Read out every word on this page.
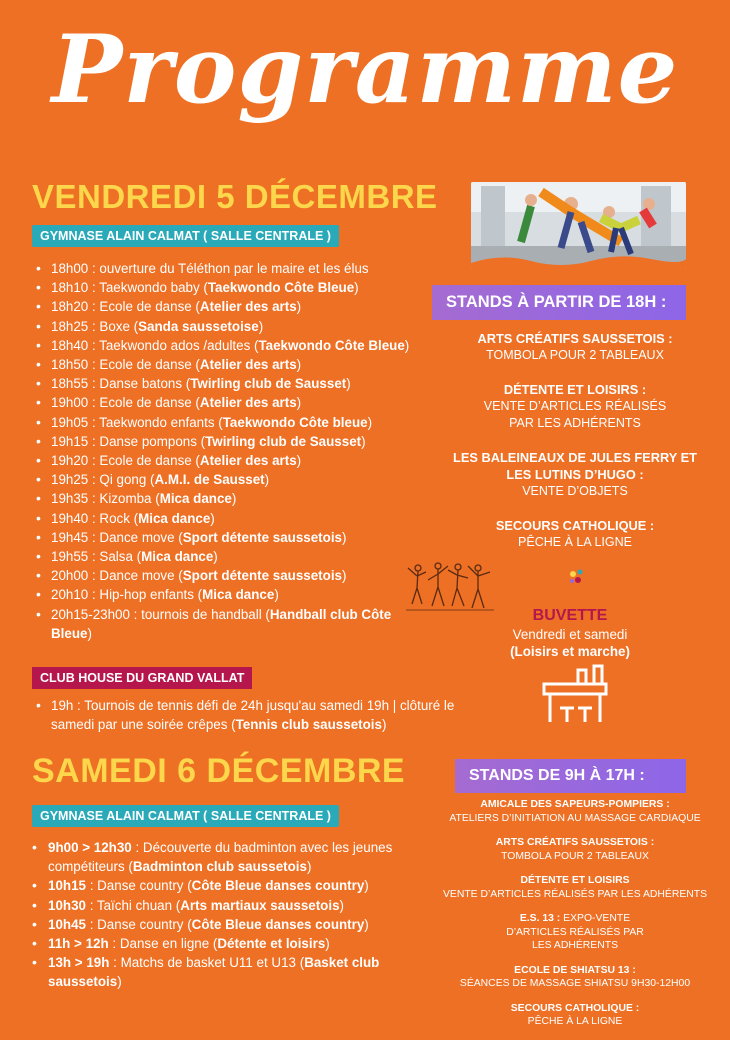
Programme
VENDREDI 5 DÉCEMBRE
GYMNASE ALAIN CALMAT ( SALLE CENTRALE )
• 18h00 : ouverture du Téléthon par le maire et les élus
• 18h10 : Taekwondo baby (Taekwondo Côte Bleue)
• 18h20 : Ecole de danse (Atelier des arts)
• 18h25 : Boxe (Sanda saussetoise)
• 18h40 : Taekwondo ados /adultes (Taekwondo Côte Bleue)
• 18h50 : Ecole de danse (Atelier des arts)
• 18h55 : Danse batons (Twirling club de Sausset)
• 19h00 : Ecole de danse (Atelier des arts)
• 19h05 : Taekwondo enfants (Taekwondo Côte bleue)
• 19h15 : Danse pompons (Twirling club de Sausset)
• 19h20 : Ecole de danse (Atelier des arts)
• 19h25 : Qi gong (A.M.I. de Sausset)
• 19h35 : Kizomba (Mica dance)
• 19h40 : Rock (Mica dance)
• 19h45 : Dance move (Sport détente saussetois)
• 19h55 : Salsa (Mica dance)
• 20h00 : Dance move (Sport détente saussetois)
• 20h10 : Hip-hop enfants (Mica dance)
• 20h15-23h00 : tournois de handball (Handball club Côte Bleue)
CLUB HOUSE DU GRAND VALLAT
• 19h : Tournois de tennis défi de 24h jusqu'au samedi 19h | clôturé le samedi par une soirée crêpes (Tennis club saussetois)
SAMEDI 6 DÉCEMBRE
GYMNASE ALAIN CALMAT ( SALLE CENTRALE )
• 9h00 > 12h30 : Découverte du badminton avec les jeunes compétiteurs (Badminton club saussetois)
• 10h15 : Danse country (Côte Bleue danses country)
• 10h30 : Taïchi chuan (Arts martiaux saussetois)
• 10h45 : Danse country (Côte Bleue danses country)
• 11h > 12h : Danse en ligne (Détente et loisirs)
• 13h > 19h : Matchs de basket U11 et U13 (Basket club saussetois)
STANDS À PARTIR DE 18H :
ARTS CRÉATIFS SAUSSETOIS :
TOMBOLA POUR 2 TABLEAUX
DÉTENTE ET LOISIRS :
VENTE D’ARTICLES RÉALISÉS PAR LES ADHÉRENTS
LES BALEINEAUX DE JULES FERRY ET LES LUTINS D’HUGO :
VENTE D’OBJETS
SECOURS CATHOLIQUE :
PÊCHE À LA LIGNE
BUVETTE
Vendredi et samedi
(Loisirs et marche)
STANDS DE 9H À 17H :
AMICALE DES SAPEURS-POMPIERS :
ATELIERS D’INITIATION AU MASSAGE CARDIAQUE
ARTS CRÉATIFS SAUSSETOIS :
TOMBOLA POUR 2 TABLEAUX
DÉTENTE ET LOISIRS
VENTE D’ARTICLES RÉALISÉS PAR LES ADHÉRENTS
E.S. 13 : EXPO-VENTE D’ARTICLES RÉALISÉS PAR LES ADHÉRENTS
ECOLE DE SHIATSU 13 :
SÉANCES DE MASSAGE SHIATSU 9H30-12H00
SECOURS CATHOLIQUE :
PÊCHE À LA LIGNE
